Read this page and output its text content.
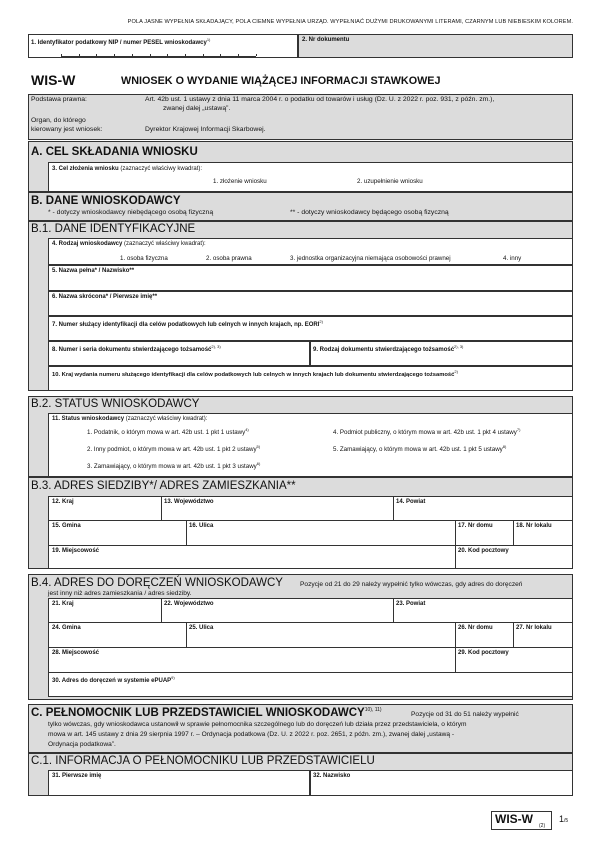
POLA JASNE WYPEŁNIA SKŁADAJĄCY, POLA CIEMNE WYPEŁNIA URZĄD. WYPEŁNIAĆ DUŻYMI DRUKOWANYMI LITERAMI, CZARNYM LUB NIEBIESKIM KOLOREM.
1. Identyfikator podatkowy NIP / numer PESEL wnioskodawcy$^{1)}$	2. Nr dokumentu
WIS-W	WNIOSEK O WYDANIE WIĄŻĄCEJ INFORMACJI STAWKOWEJ
Podstawa prawna:	Art. 42b ust. 1 ustawy z dnia 11 marca 2004 r. o podatku od towarów i usług (Dz. U. z 2022 r. poz. 931, z późn. zm.),
zwanej dalej „ustawą”.
Organ, do którego
kierowany jest wniosek:	Dyrektor Krajowej Informacji Skarbowej.
A. CEL SKŁADANIA WNIOSKU
3. Cel złożenia wniosku (zaznaczyć właściwy kwadrat):
1. złożenie wniosku	2. uzupełnienie wniosku
B. DANE WNIOSKODAWCY
* - dotyczy wnioskodawcy niebędącego osobą fizyczną	** - dotyczy wnioskodawcy będącego osobą fizyczną
B.1. DANE IDENTYFIKACYJNE
4. Rodzaj wnioskodawcy (zaznaczyć właściwy kwadrat):
1. osoba fizyczna	2. osoba prawna	3. jednostka organizacyjna niemająca osobowości prawnej	4. inny
5. Nazwa pełna* / Nazwisko**
6. Nazwa skrócona* / Pierwsze imię**
7. Numer służący identyfikacji dla celów podatkowych lub celnych w innych krajach, np. EORI$^{2)}$
8. Numer i seria dokumentu stwierdzającego tożsamość$^{2), 3)}$
9. Rodzaj dokumentu stwierdzającego tożsamość$^{2), 3)}$
10. Kraj wydania numeru służącego identyfikacji dla celów podatkowych lub celnych w innych krajach lub dokumentu stwierdzającego tożsamość$^{2)}$
B.2. STATUS WNIOSKODAWCY
11. Status wnioskodawcy (zaznaczyć właściwy kwadrat):
1. Podatnik, o którym mowa w art. 42b ust. 1 pkt 1 ustawy$^{4)}$
2. Inny podmiot, o którym mowa w art. 42b ust. 1 pkt 2 ustawy$^{5)}$
3. Zamawiający, o którym mowa w art. 42b ust. 1 pkt 3 ustawy$^{6)}$
4. Podmiot publiczny, o którym mowa w art. 42b ust. 1 pkt 4 ustawy$^{7)}$
5. Zamawiający, o którym mowa w art. 42b ust. 1 pkt 5 ustawy$^{8)}$
B.3. ADRES SIEDZIBY*/ ADRES ZAMIESZKANIA**
12. Kraj	13. Województwo	14. Powiat
15. Gmina	16. Ulica	17. Nr domu	18. Nr lokalu
19. Miejscowość	20. Kod pocztowy
B.4. ADRES DO DORĘCZEŃ WNIOSKODAWCY	Pozycje od 21 do 29 należy wypełnić tylko wówczas, gdy adres do doręczeń
jest inny niż adres zamieszkania / adres siedziby.
21. Kraj	22. Województwo	23. Powiat
24. Gmina	25. Ulica	26. Nr domu	27. Nr lokalu
28. Miejscowość	29. Kod pocztowy
30. Adres do doręczeń w systemie ePUAP$^{9)}$
C. PEŁNOMOCNIK LUB PRZEDSTAWICIEL $WNIOSKODAWCY^{10), 11)}$
Pozycje od 31 do 51 należy wypełnić
tylko wówczas, gdy wnioskodawca ustanowił w sprawie pełnomocnika szczególnego lub do doręczeń lub działa przez przedstawiciela, o którym
mowa w art. 145 ustawy z dnia 29 sierpnia 1997 r. – Ordynacja podatkowa (Dz. U. z 2022 r. poz. 2651, z późn. zm.), zwanej dalej „ustawą -
Ordynacja podatkowa”.
C.1. INFORMACJA O PEŁNOMOCNIKU LUB PRZEDSTAWICIELU
31. Pierwsze imię	32. Nazwisko
WIS-W (2)
1/5
